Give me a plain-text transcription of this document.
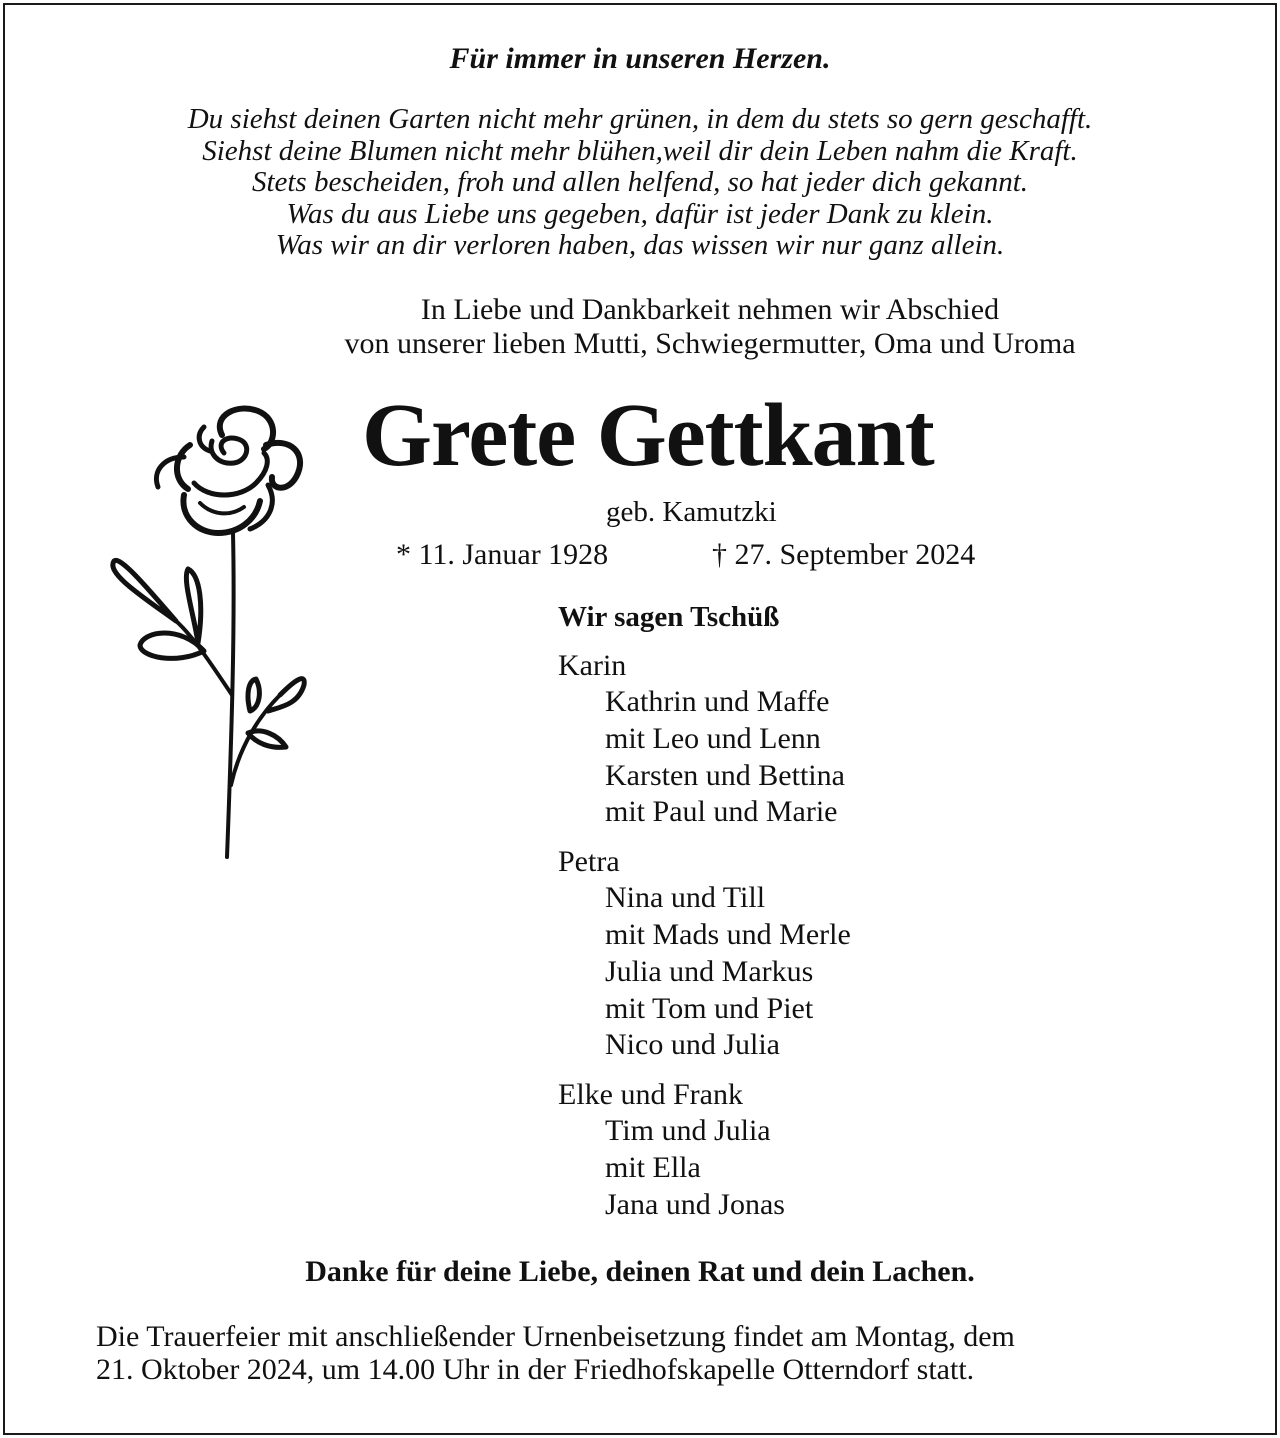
Für immer in unseren Herzen.
Du siehst deinen Garten nicht mehr grünen, in dem du stets so gern geschafft.
Siehst deine Blumen nicht mehr blühen,weil dir dein Leben nahm die Kraft.
Stets bescheiden, froh und allen helfend, so hat jeder dich gekannt.
Was du aus Liebe uns gegeben, dafür ist jeder Dank zu klein.
Was wir an dir verloren haben, das wissen wir nur ganz allein.
In Liebe und Dankbarkeit nehmen wir Abschied
von unserer lieben Mutti, Schwiegermutter, Oma und Uroma
Grete Gettkant
geb. Kamutzki
* 11. Januar 1928	† 27. September 2024
Wir sagen Tschüß
Karin
Kathrin und Maffe
mit Leo und Lenn
Karsten und Bettina
mit Paul und Marie
Petra
Nina und Till
mit Mads und Merle
Julia und Markus
mit Tom und Piet
Nico und Julia
Elke und Frank
Tim und Julia
mit Ella
Jana und Jonas
Danke für deine Liebe, deinen Rat und dein Lachen.
Die Trauerfeier mit anschließender Urnenbeisetzung findet am Montag, dem
21. Oktober 2024, um 14.00 Uhr in der Friedhofskapelle Otterndorf statt.
